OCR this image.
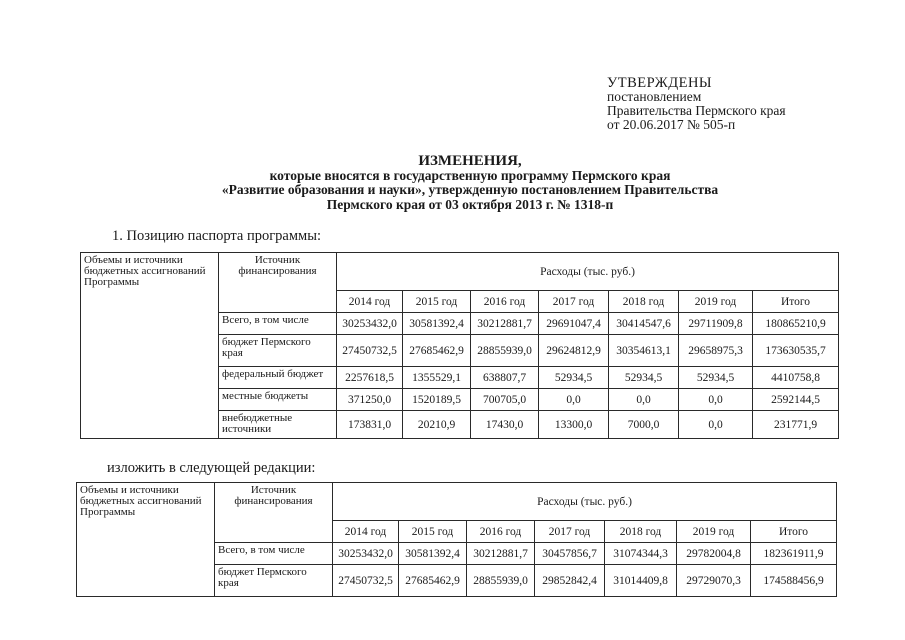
УТВЕРЖДЕНЫ
постановлением
Правительства Пермского края
от 20.06.2017 № 505-п
ИЗМЕНЕНИЯ,
которые вносятся в государственную программу Пермского края
«Развитие образования и науки», утвержденную постановлением Правительства
Пермского края от 03 октября 2013 г. № 1318-п
1. Позицию паспорта программы:
Объемы и источники бюджетных ассигнований Программы	Источник финансирования	Расходы (тыс. руб.)						
		2014 год	2015 год	2016 год	2017 год	2018 год	2019 год	Итого
	Всего, в том числе	30253432,0	30581392,4	30212881,7	29691047,4	30414547,6	29711909,8	180865210,9
	бюджет Пермского края	27450732,5	27685462,9	28855939,0	29624812,9	30354613,1	29658975,3	173630535,7
	федеральный бюджет	2257618,5	1355529,1	638807,7	52934,5	52934,5	52934,5	4410758,8
	местные бюджеты	371250,0	1520189,5	700705,0	0,0	0,0	0,0	2592144,5
	внебюджетные источники	173831,0	20210,9	17430,0	13300,0	7000,0	0,0	231771,9
изложить в следующей редакции:
Объемы и источники бюджетных ассигнований Программы	Источник финансирования	Расходы (тыс. руб.)						
		2014 год	2015 год	2016 год	2017 год	2018 год	2019 год	Итого
	Всего, в том числе	30253432,0	30581392,4	30212881,7	30457856,7	31074344,3	29782004,8	182361911,9
	бюджет Пермского края	27450732,5	27685462,9	28855939,0	29852842,4	31014409,8	29729070,3	174588456,9
